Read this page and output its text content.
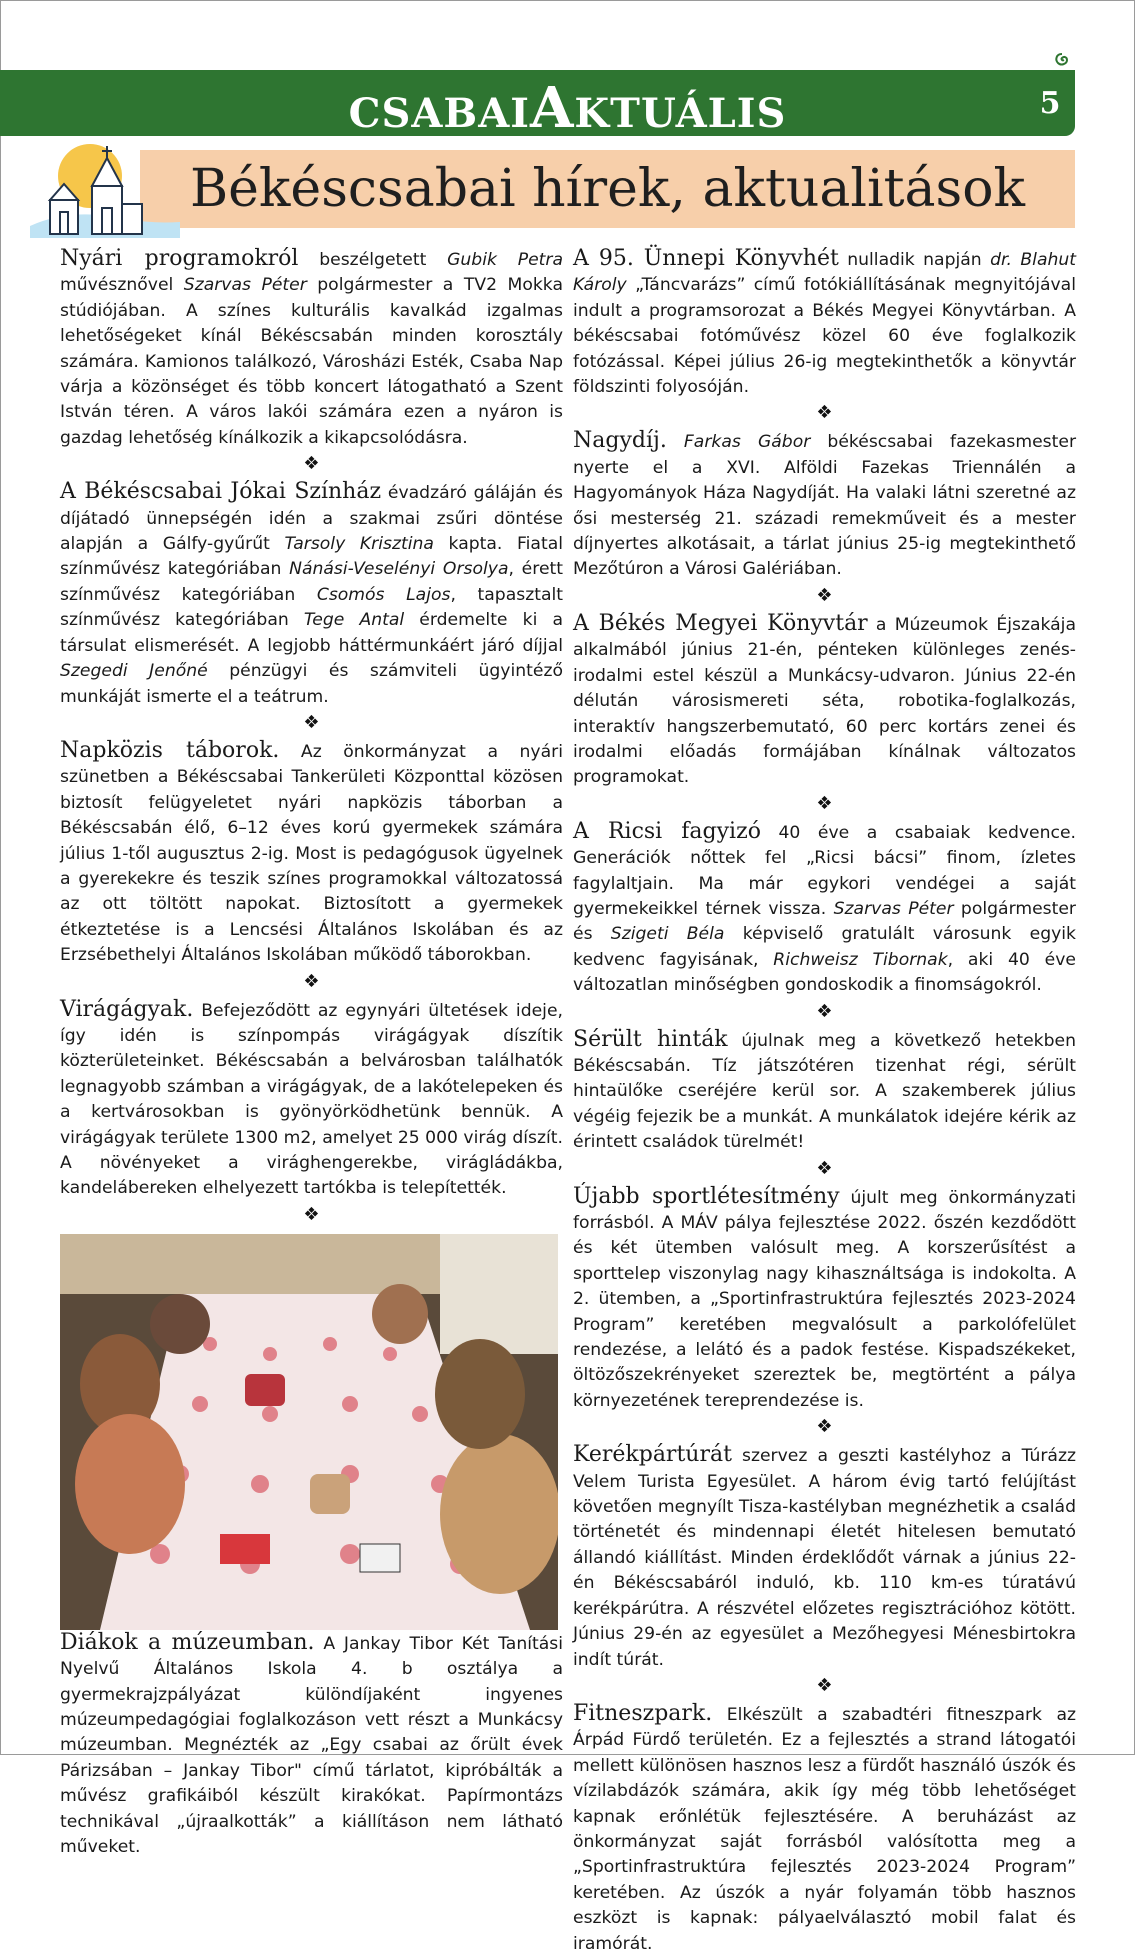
CSABAIAKTUÁLIS	5
Békéscsabai hírek, aktualitások

Nyári programokról beszélgetett Gubik Petra művésznővel Szarvas Péter polgármester a TV2 Mokka stúdiójában. A színes kulturális kavalkád izgalmas lehetőségeket kínál Békéscsabán minden korosztály számára. Kamionos találkozó, Városházi Esték, Csaba Nap várja a közönséget és több koncert látogatható a Szent István téren. A város lakói számára ezen a nyáron is gazdag lehetőség kínálkozik a kikapcsolódásra.

❖

A Békéscsabai Jókai Színház évadzáró gáláján és díjátadó ünnepségén idén a szakmai zsűri döntése alapján a Gálfy-gyűrűt Tarsoly Krisztina kapta. Fiatal színművész kategóriában Nánási-Veselényi Orsolya, érett színművész kategóriában Csomós Lajos, tapasztalt színművész kategóriában Tege Antal érdemelte ki a társulat elismerését. A legjobb háttérmunkáért járó díjjal Szegedi Jenőné pénzügyi és számviteli ügyintéző munkáját ismerte el a teátrum.

❖

Napközis táborok. Az önkormányzat a nyári szünetben a Békéscsabai Tankerületi Központtal közösen biztosít felügyeletet nyári napközis táborban a Békéscsabán élő, 6–12 éves korú gyermekek számára július 1-től augusztus 2-ig. Most is pedagógusok ügyelnek a gyerekekre és teszik színes programokkal változatossá az ott töltött napokat. Biztosított a gyermekek étkeztetése is a Lencsési Általános Iskolában és az Erzsébethelyi Általános Iskolában működő táborokban.

❖

Virágágyak. Befejeződött az egynyári ültetések ideje, így idén is színpompás virágágyak díszítik közterületeinket. Békéscsabán a belvárosban találhatók legnagyobb számban a virágágyak, de a lakótelepeken és a kertvárosokban is gyönyörködhetünk bennük. A virágágyak területe 1300 m2, amelyet 25 000 virág díszít. A növényeket a virághengerekbe, virágládákba, kandelábereken elhelyezett tartókba is telepítették.

❖

Diákok a múzeumban. A Jankay Tibor Két Tanítási Nyelvű Általános Iskola 4. b osztálya a gyermekrajzpályázat különdíjaként ingyenes múzeumpedagógiai foglalkozáson vett részt a Munkácsy múzeumban. Megnézték az „Egy csabai az őrült évek Párizsában – Jankay Tibor" című tárlatot, kipróbálták a művész grafikáiból készült kirakókat. Papírmontázs technikával „újraalkották” a kiállításon nem látható műveket.

A 95. Ünnepi Könyvhét nulladik napján dr. Blahut Károly „Táncvarázs” című fotókiállításának megnyitójával indult a programsorozat a Békés Megyei Könyvtárban. A békéscsabai fotóművész közel 60 éve foglalkozik fotózással. Képei július 26-ig megtekinthetők a könyvtár földszinti folyosóján.

❖

Nagydíj. Farkas Gábor békéscsabai fazekasmester nyerte el a XVI. Alföldi Fazekas Triennálén a Hagyományok Háza Nagydíját. Ha valaki látni szeretné az ősi mesterség 21. századi remekműveit és a mester díjnyertes alkotásait, a tárlat június 25-ig megtekinthető Mezőtúron a Városi Galériában.

❖

A Békés Megyei Könyvtár a Múzeumok Éjszakája alkalmából június 21-én, pénteken különleges zenés-irodalmi estel készül a Munkácsy-udvaron. Június 22-én délután városismereti séta, robotika-foglalkozás, interaktív hangszerbemutató, 60 perc kortárs zenei és irodalmi előadás formájában kínálnak változatos programokat.

❖

A Ricsi fagyizó 40 éve a csabaiak kedvence. Generációk nőttek fel „Ricsi bácsi” finom, ízletes fagylaltjain. Ma már egykori vendégei a saját gyermekeikkel térnek vissza. Szarvas Péter polgármester és Szigeti Béla képviselő gratulált városunk egyik kedvenc fagyisának, Richweisz Tibornak, aki 40 éve változatlan minőségben gondoskodik a finomságokról.

❖

Sérült hinták újulnak meg a következő hetekben Békéscsabán. Tíz játszótéren tizenhat régi, sérült hintaülőke cseréjére kerül sor. A szakemberek július végéig fejezik be a munkát. A munkálatok idejére kérik az érintett családok türelmét!

❖

Újabb sportlétesítmény újult meg önkormányzati forrásból. A MÁV pálya fejlesztése 2022. őszén kezdődött és két ütemben valósult meg. A korszerűsítést a sporttelep viszonylag nagy kihasználtsága is indokolta. A 2. ütemben, a „Sportinfrastruktúra fejlesztés 2023-2024 Program” keretében megvalósult a parkolófelület rendezése, a lelátó és a padok festése. Kispadszékeket, öltözőszekrényeket szereztek be, megtörtént a pálya környezetének tereprendezése is.

❖

Kerékpártúrát szervez a geszti kastélyhoz a Túrázz Velem Turista Egyesület. A három évig tartó felújítást követően megnyílt Tisza-kastélyban megnézhetik a család történetét és mindennapi életét hitelesen bemutató állandó kiállítást. Minden érdeklődőt várnak a június 22-én Békéscsabáról induló, kb. 110 km-es túratávú kerékpárútra. A részvétel előzetes regisztrációhoz kötött. Június 29-én az egyesület a Mezőhegyesi Ménesbirtokra indít túrát.

❖

Fitneszpark. Elkészült a szabadtéri fitneszpark az Árpád Fürdő területén. Ez a fejlesztés a strand látogatói mellett különösen hasznos lesz a fürdőt használó úszók és vízilabdázók számára, akik így még több lehetőséget kapnak erőnlétük fejlesztésére. A beruházást az önkormányzat saját forrásból valósította meg a „Sportinfrastruktúra fejlesztés 2023-2024 Program” keretében. Az úszók a nyár folyamán több hasznos eszközt is kapnak: pályaelválasztó mobil falat és iramórát.
